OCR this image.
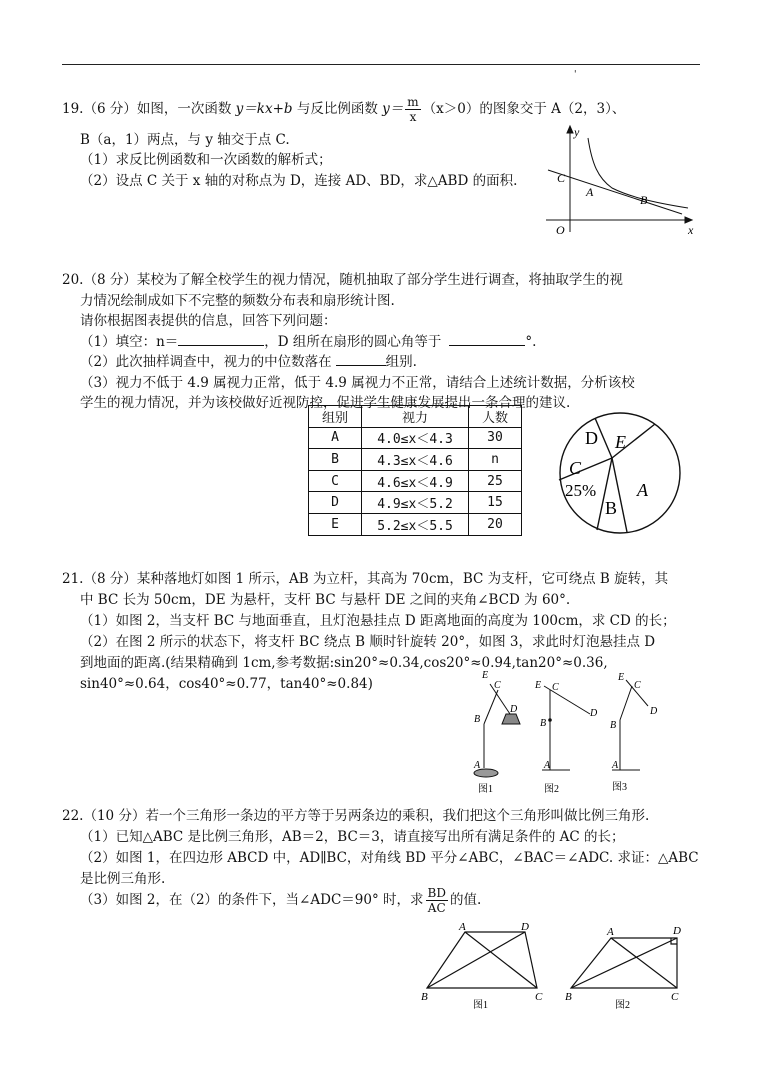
'
19.（6 分）如图，一次函数 y＝kx+b 与反比例函数 $y= \frac{m}{x} (x>0)$的图象交于 A（2，3）、
B（a，1）两点，与 y 轴交于点 C.
（1）求反比例函数和一次函数的解析式；
（2）设点 C 关于 x 轴的对称点为 D，连接 AD、BD，求△ABD 的面积.
y
x
O
C
A
B
20.（8 分）某校为了解全校学生的视力情况，随机抽取了部分学生进行调查，将抽取学生的视
力情况绘制成如下不完整的频数分布表和扇形统计图.
请你根据图表提供的信息，回答下列问题：
（1）填空：n＝	，D 组所在扇形的圆心角等于	°.
（2）此次抽样调查中，视力的中位数落在	组别.
（3）视力不低于 4.9 属视力正常，低于 4.9 属视力不正常，请结合上述统计数据，分析该校
学生的视力情况，并为该校做好近视防控，促进学生健康发展提出一条合理的建议.
组别	视力	人数
A	4.0≤x＜4.3	30
B	4.3≤x＜4.6	n
C	4.6≤x＜4.9	25
D	4.9≤x＜5.2	15
E	5.2≤x＜5.5	20
D E
C
25% A
B
21.（8 分）某种落地灯如图 1 所示，AB 为立杆，其高为 70cm，BC 为支杆，它可绕点 B 旋转，其
中 BC 长为 50cm，DE 为悬杆，支杆 BC 与悬杆 DE 之间的夹角∠BCD 为 60°.
（1）如图 2，当支杆 BC 与地面垂直，且灯泡悬挂点 D 距离地面的高度为 100cm，求 CD 的长；
（2）在图 2 所示的状态下，将支杆 BC 绕点 B 顺时针旋转 20°，如图 3，求此时灯泡悬挂点 D
到地面的距离.(结果精确到 1cm,参考数据:sin20°≈0.34,cos20°≈0.94,tan20°≈0.36,
sin40°≈0.64，cos40°≈0.77，tan40°≈0.84)
E
C
D
B
A
E C
D
B
A
E
C
D
B
A
图1	图2	图3
22.（10 分）若一个三角形一条边的平方等于另两条边的乘积，我们把这个三角形叫做比例三角形.
（1）已知△ABC 是比例三角形，AB＝2，BC＝3，请直接写出所有满足条件的 AC 的长；
（2）如图 1，在四边形 ABCD 中，AD∥BC，对角线 BD 平分∠ABC，∠BAC＝∠ADC. 求证：△ABC
是比例三角形.
（3）如图 2，在（2）的条件下，当∠ADC＝90° 时，求 $\frac{BD}{AC}$ 的值.
A	D
B	C
A	D
B	C
图1	图2
